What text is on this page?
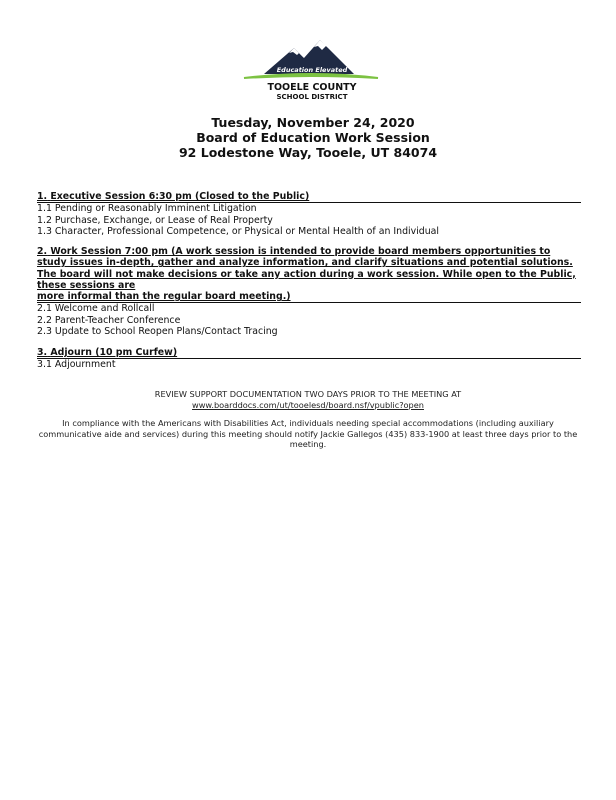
Education Elevated
TOOELE COUNTY
SCHOOL DISTRICT
Tuesday, November 24, 2020
Board of Education Work Session
92 Lodestone Way, Tooele, UT 84074
1. Executive Session 6:30 pm (Closed to the Public)
1.1 Pending or Reasonably Imminent Litigation
1.2 Purchase, Exchange, or Lease of Real Property
1.3 Character, Professional Competence, or Physical or Mental Health of an Individual
2. Work Session 7:00 pm (A work session is intended to provide board members opportunities to study issues in-depth, gather and analyze information, and clarify situations and potential solutions. The board will not make decisions or take any action during a work session. While open to the Public, these sessions are
more informal than the regular board meeting.)
2.1 Welcome and Rollcall
2.2 Parent-Teacher Conference
2.3 Update to School Reopen Plans/Contact Tracing
3. Adjourn (10 pm Curfew)
3.1 Adjournment
REVIEW SUPPORT DOCUMENTATION TWO DAYS PRIOR TO THE MEETING AT
www.boarddocs.com/ut/tooelesd/board.nsf/vpublic?open
In compliance with the Americans with Disabilities Act, individuals needing special accommodations (including auxiliary communicative aide and services) during this meeting should notify Jackie Gallegos (435) 833-1900 at least three days prior to the meeting.
